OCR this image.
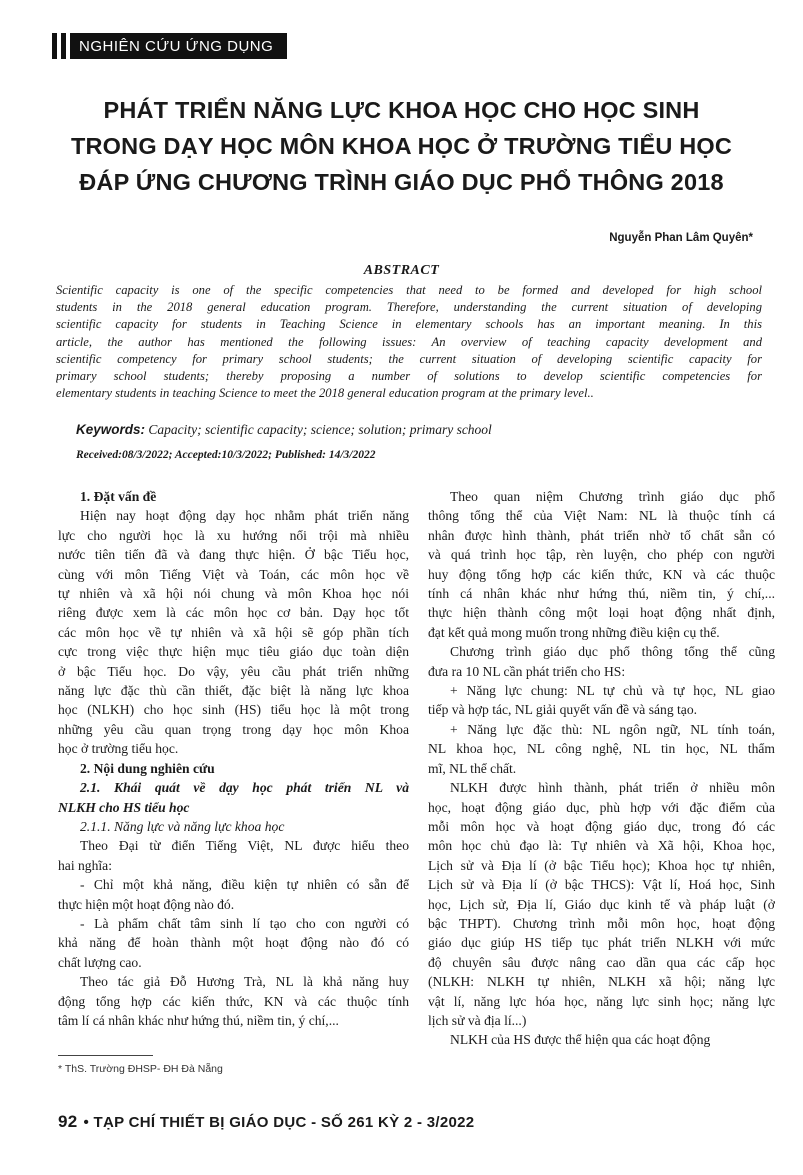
NGHIÊN CỨU ỨNG DỤNG
PHÁT TRIỂN NĂNG LỰC KHOA HỌC CHO HỌC SINH
TRONG DẠY HỌC MÔN KHOA HỌC Ở TRƯỜNG TIỂU HỌC
ĐÁP ỨNG CHƯƠNG TRÌNH GIÁO DỤC PHỔ THÔNG 2018
Nguyễn Phan Lâm Quyên*
ABSTRACT
Scientific capacity is one of the specific competencies that need to be formed and developed for high school
students in the 2018 general education program. Therefore, understanding the current situation of developing
scientific capacity for students in Teaching Science in elementary schools has an important meaning. In this
article, the author has mentioned the following issues: An overview of teaching capacity development and
scientific competency for primary school students; the current situation of developing scientific capacity for
primary school students; thereby proposing a number of solutions to develop scientific competencies for
elementary students in teaching Science to meet the 2018 general education program at the primary level..
Keywords: Capacity; scientific capacity; science; solution; primary school
Received:08/3/2022; Accepted:10/3/2022; Published: 14/3/2022
1. Đặt vấn đề
Hiện nay hoạt động dạy học nhằm phát triển năng
lực cho người học là xu hướng nổi trội mà nhiều
nước tiên tiến đã và đang thực hiện. Ở bậc Tiểu học,
cùng với môn Tiếng Việt và Toán, các môn học về
tự nhiên và xã hội nói chung và môn Khoa học nói
riêng được xem là các môn học cơ bản. Dạy học tốt
các môn học về tự nhiên và xã hội sẽ góp phần tích
cực trong việc thực hiện mục tiêu giáo dục toàn diện
ở bậc Tiểu học. Do vậy, yêu cầu phát triển những
năng lực đặc thù cần thiết, đặc biệt là năng lực khoa
học (NLKH) cho học sinh (HS) tiểu học là một trong
những yêu cầu quan trọng trong dạy học môn Khoa
học ở trường tiểu học.
2. Nội dung nghiên cứu
2.1. Khái quát về dạy học phát triển NL và
NLKH cho HS tiểu học
2.1.1. Năng lực và năng lực khoa học
Theo Đại từ điển Tiếng Việt, NL được hiểu theo
hai nghĩa:
- Chỉ một khả năng, điều kiện tự nhiên có sẵn để
thực hiện một hoạt động nào đó.
- Là phẩm chất tâm sinh lí tạo cho con người có
khả năng để hoàn thành một hoạt động nào đó có
chất lượng cao.
Theo tác giả Đỗ Hương Trà, NL là khả năng huy
động tổng hợp các kiến thức, KN và các thuộc tính
tâm lí cá nhân khác như hứng thú, niềm tin, ý chí,...
Theo quan niệm Chương trình giáo dục phổ
thông tổng thể của Việt Nam: NL là thuộc tính cá
nhân được hình thành, phát triển nhờ tố chất sẵn có
và quá trình học tập, rèn luyện, cho phép con người
huy động tổng hợp các kiến thức, KN và các thuộc
tính cá nhân khác như hứng thú, niềm tin, ý chí,...
thực hiện thành công một loại hoạt động nhất định,
đạt kết quả mong muốn trong những điều kiện cụ thể.
Chương trình giáo dục phổ thông tổng thể cũng
đưa ra 10 NL cần phát triển cho HS:
+ Năng lực chung: NL tự chủ và tự học, NL giao
tiếp và hợp tác, NL giải quyết vấn đề và sáng tạo.
+ Năng lực đặc thù: NL ngôn ngữ, NL tính toán,
NL khoa học, NL công nghệ, NL tin học, NL thẩm
mĩ, NL thể chất.
NLKH được hình thành, phát triển ở nhiều môn
học, hoạt động giáo dục, phù hợp với đặc điểm của
mỗi môn học và hoạt động giáo dục, trong đó các
môn học chủ đạo là: Tự nhiên và Xã hội, Khoa học,
Lịch sử và Địa lí (ở bậc Tiểu học); Khoa học tự nhiên,
Lịch sử và Địa lí (ở bậc THCS): Vật lí, Hoá học, Sinh
học, Lịch sử, Địa lí, Giáo dục kinh tế và pháp luật (ở
bậc THPT). Chương trình mỗi môn học, hoạt động
giáo dục giúp HS tiếp tục phát triển NLKH với mức
độ chuyên sâu được nâng cao dần qua các cấp học
(NLKH: NLKH tự nhiên, NLKH xã hội; năng lực
vật lí, năng lực hóa học, năng lực sinh học; năng lực
lịch sử và địa lí...)
NLKH của HS được thể hiện qua các hoạt động
* ThS. Trường ĐHSP- ĐH Đà Nẵng
92 • TẠP CHÍ THIẾT BỊ GIÁO DỤC - SỐ 261 KỲ 2 - 3/2022
